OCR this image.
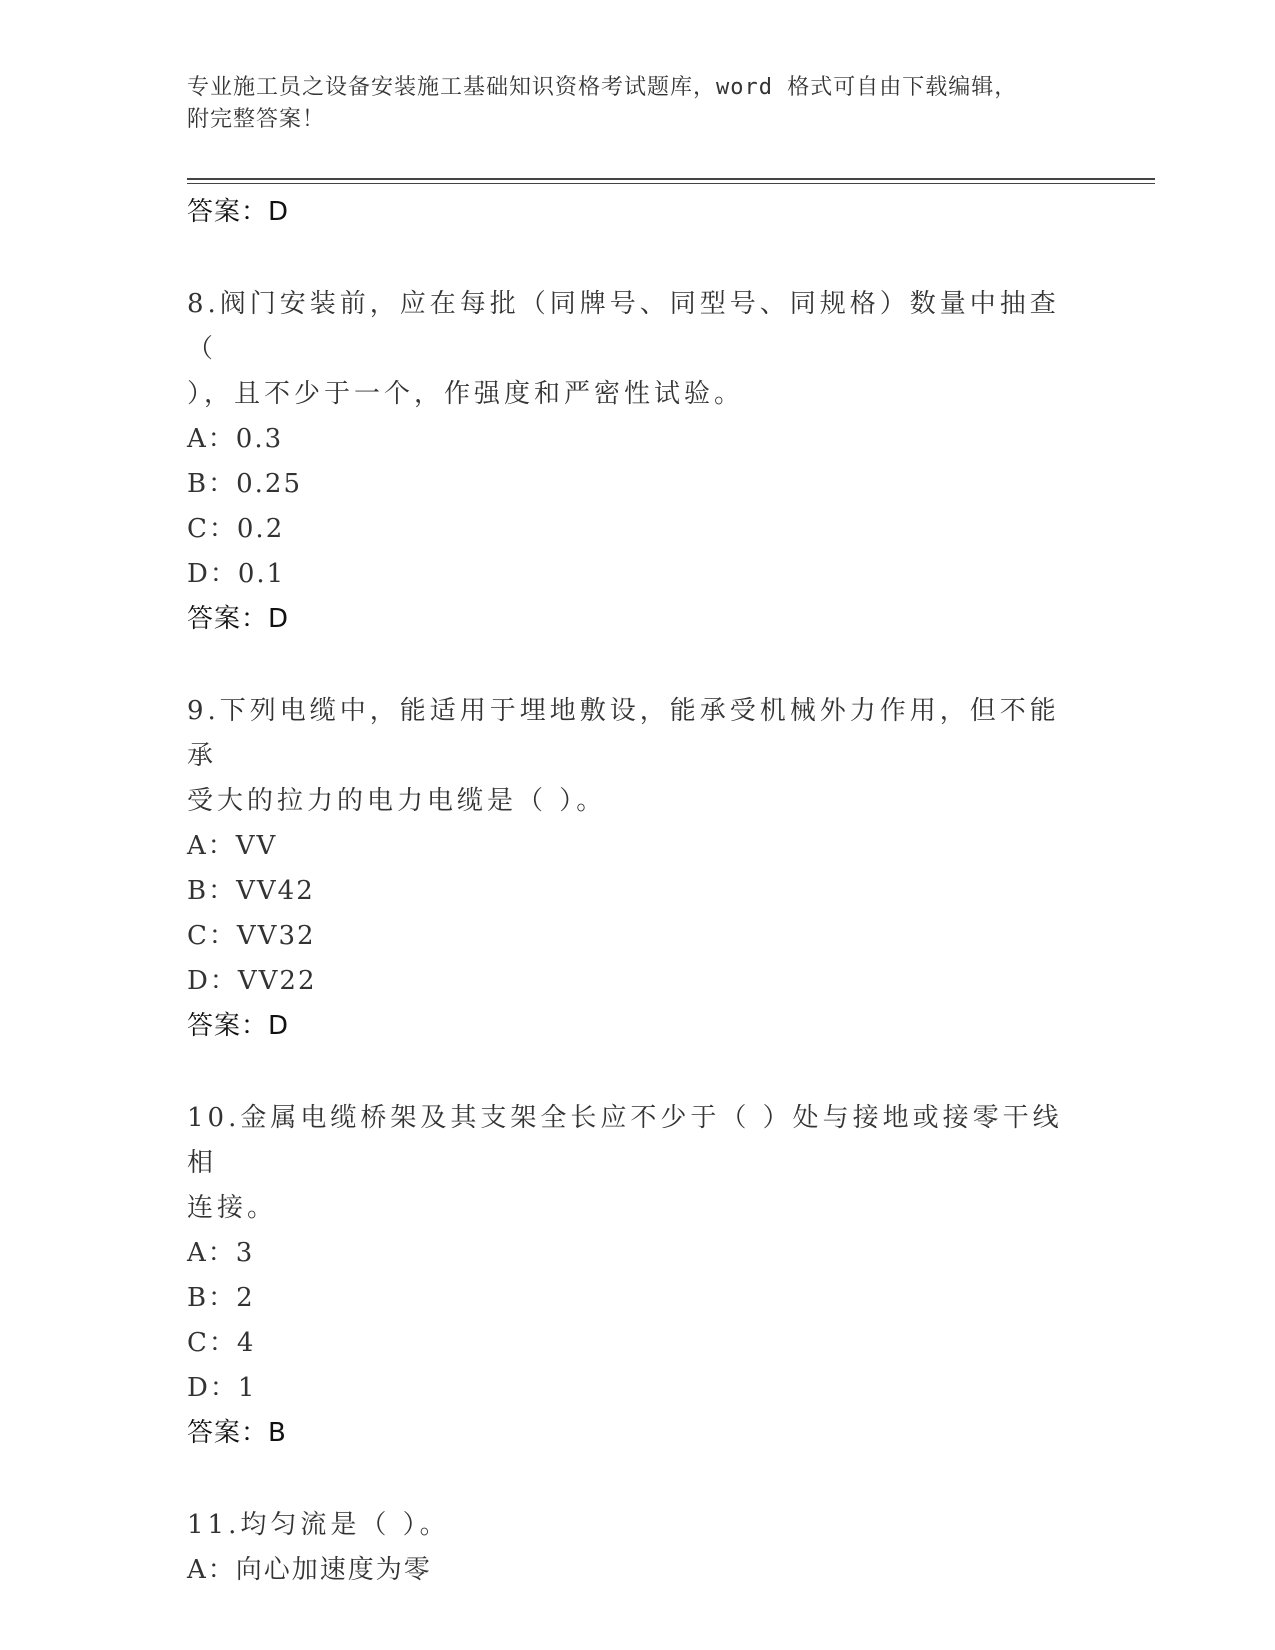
专业施工员之设备安装施工基础知识资格考试题库，word 格式可自由下载编辑，
附完整答案！
答案：D
8.阀门安装前，应在每批（同牌号、同型号、同规格）数量中抽查（
），且不少于一个，作强度和严密性试验。
A：0.3
B：0.25
C：0.2
D：0.1
答案：D
9.下列电缆中，能适用于埋地敷设，能承受机械外力作用，但不能承
受大的拉力的电力电缆是（ ）。
A：VV
B：VV42
C：VV32
D：VV22
答案：D
10.金属电缆桥架及其支架全长应不少于（ ）处与接地或接零干线相
连接。
A：3
B：2
C：4
D：1
答案：B
11.均匀流是（ ）。
A：向心加速度为零
